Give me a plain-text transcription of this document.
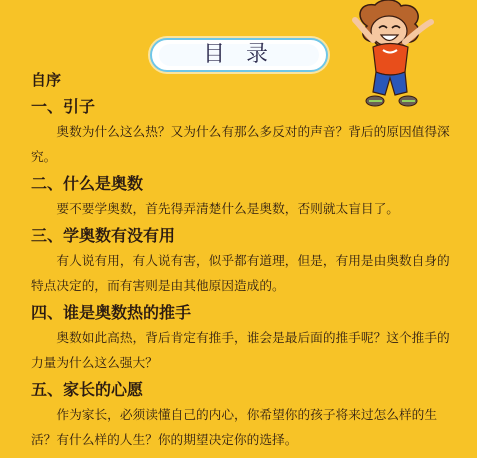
目 录

自序

一、引子

奥数为什么这么热？又为什么有那么多反对的声音？背后的原因值得深究。

二、什么是奥数

要不要学奥数，首先得弄清楚什么是奥数，否则就太盲目了。

三、学奥数有没有用

有人说有用，有人说有害，似乎都有道理，但是，有用是由奥数自身的特点决定的，而有害则是由其他原因造成的。

四、谁是奥数热的推手

奥数如此高热，背后肯定有推手，谁会是最后面的推手呢？这个推手的力量为什么这么强大？

五、家长的心愿

作为家长，必须读懂自己的内心，你希望你的孩子将来过怎么样的生活？有什么样的人生？你的期望决定你的选择。
